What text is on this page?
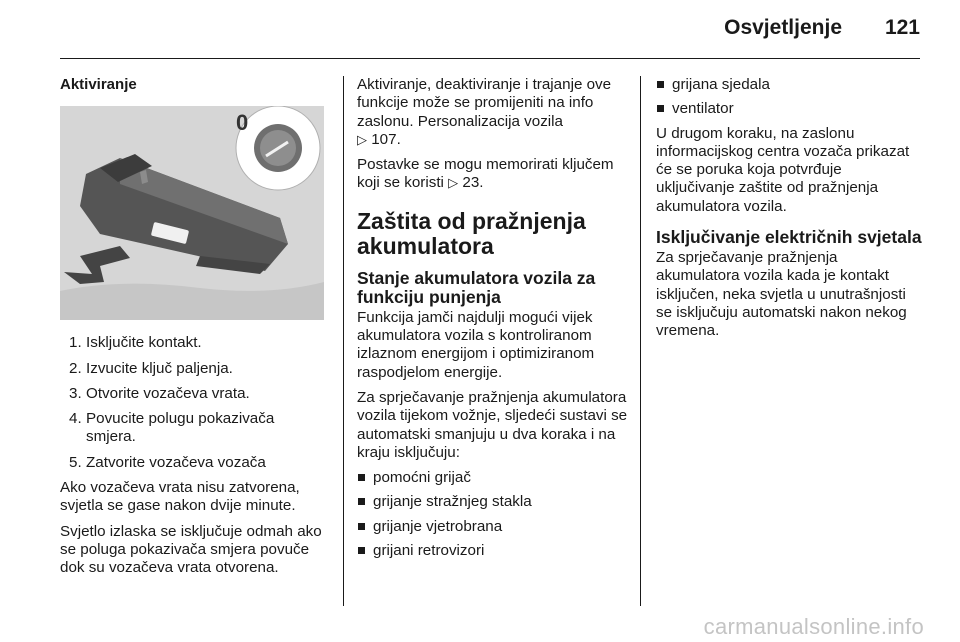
Osvjetljenje 121
Aktiviranje
0
1. Isključite kontakt.
2. Izvucite ključ paljenja.
3. Otvorite vozačeva vrata.
4. Povucite polugu pokazivača smjera.
5. Zatvorite vozačeva vozača

Ako vozačeva vrata nisu zatvorena, svjetla se gase nakon dvije minute.

Svjetlo izlaska se isključuje odmah ako se poluga pokazivača smjera povuče dok su vozačeva vrata otvorena.

Aktiviranje, deaktiviranje i trajanje ove funkcije može se promijeniti na info zaslonu. Personalizacija vozila
▷ 107.

Postavke se mogu memorirati ključem koji se koristi ▷ 23.

Zaštita od pražnjenja akumulatora
Stanje akumulatora vozila za funkciju punjenja

Funkcija jamči najdulji mogući vijek akumulatora vozila s kontroliranom izlaznom energijom i optimiziranom raspodjelom energije.

Za sprječavanje pražnjenja akumulatora vozila tijekom vožnje, sljedeći sustavi se automatski smanjuju u dva koraka i na kraju isključuju:

pomoćni grijač
grijanje stražnjeg stakla
grijanje vjetrobrana
grijani retrovizori
grijana sjedala
ventilator

U drugom koraku, na zaslonu informacijskog centra vozača prikazat će se poruka koja potvrđuje uključivanje zaštite od pražnjenja akumulatora vozila.

Isključivanje električnih svjetala

Za sprječavanje pražnjenja akumulatora vozila kada je kontakt isključen, neka svjetla u unutrašnjosti se isključuju automatski nakon nekog vremena.

carmanualsonline.info
